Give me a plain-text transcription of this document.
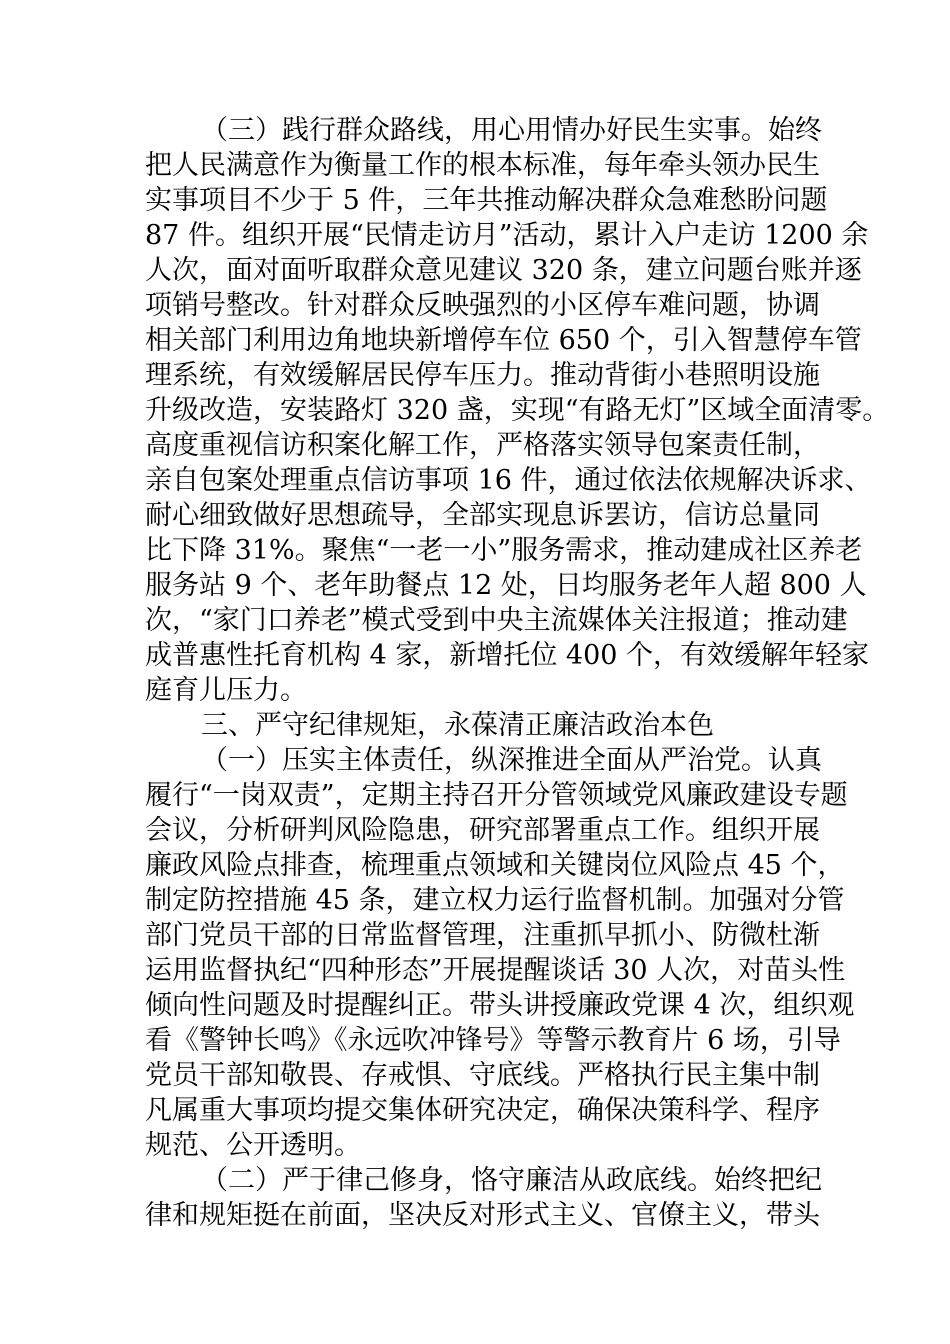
（三）践行群众路线，用心用情办好民生实事。始终
把人民满意作为衡量工作的根本标准，每年牵头领办民生
实事项目不少于 5 件，三年共推动解决群众急难愁盼问题
87 件。组织开展“民情走访月”活动，累计入户走访 1200 余
人次，面对面听取群众意见建议 320 条，建立问题台账并逐
项销号整改。针对群众反映强烈的小区停车难问题，协调
相关部门利用边角地块新增停车位 650 个，引入智慧停车管
理系统，有效缓解居民停车压力。推动背街小巷照明设施
升级改造，安装路灯 320 盏，实现“有路无灯”区域全面清零。
高度重视信访积案化解工作，严格落实领导包案责任制，
亲自包案处理重点信访事项 16 件，通过依法依规解决诉求、
耐心细致做好思想疏导，全部实现息诉罢访，信访总量同
比下降 31%。聚焦“一老一小”服务需求，推动建成社区养老
服务站 9 个、老年助餐点 12 处，日均服务老年人超 800 人
次，“家门口养老”模式受到中央主流媒体关注报道；推动建
成普惠性托育机构 4 家，新增托位 400 个，有效缓解年轻家
庭育儿压力。
三、严守纪律规矩，永葆清正廉洁政治本色
（一）压实主体责任，纵深推进全面从严治党。认真
履行“一岗双责”，定期主持召开分管领域党风廉政建设专题
会议，分析研判风险隐患，研究部署重点工作。组织开展
廉政风险点排查，梳理重点领域和关键岗位风险点 45 个，
制定防控措施 45 条，建立权力运行监督机制。加强对分管
部门党员干部的日常监督管理，注重抓早抓小、防微杜渐
运用监督执纪“四种形态”开展提醒谈话 30 人次，对苗头性
倾向性问题及时提醒纠正。带头讲授廉政党课 4 次，组织观
看《警钟长鸣》《永远吹冲锋号》等警示教育片 6 场，引导
党员干部知敬畏、存戒惧、守底线。严格执行民主集中制
凡属重大事项均提交集体研究决定，确保决策科学、程序
规范、公开透明。
（二）严于律己修身，恪守廉洁从政底线。始终把纪
律和规矩挺在前面，坚决反对形式主义、官僚主义，带头
